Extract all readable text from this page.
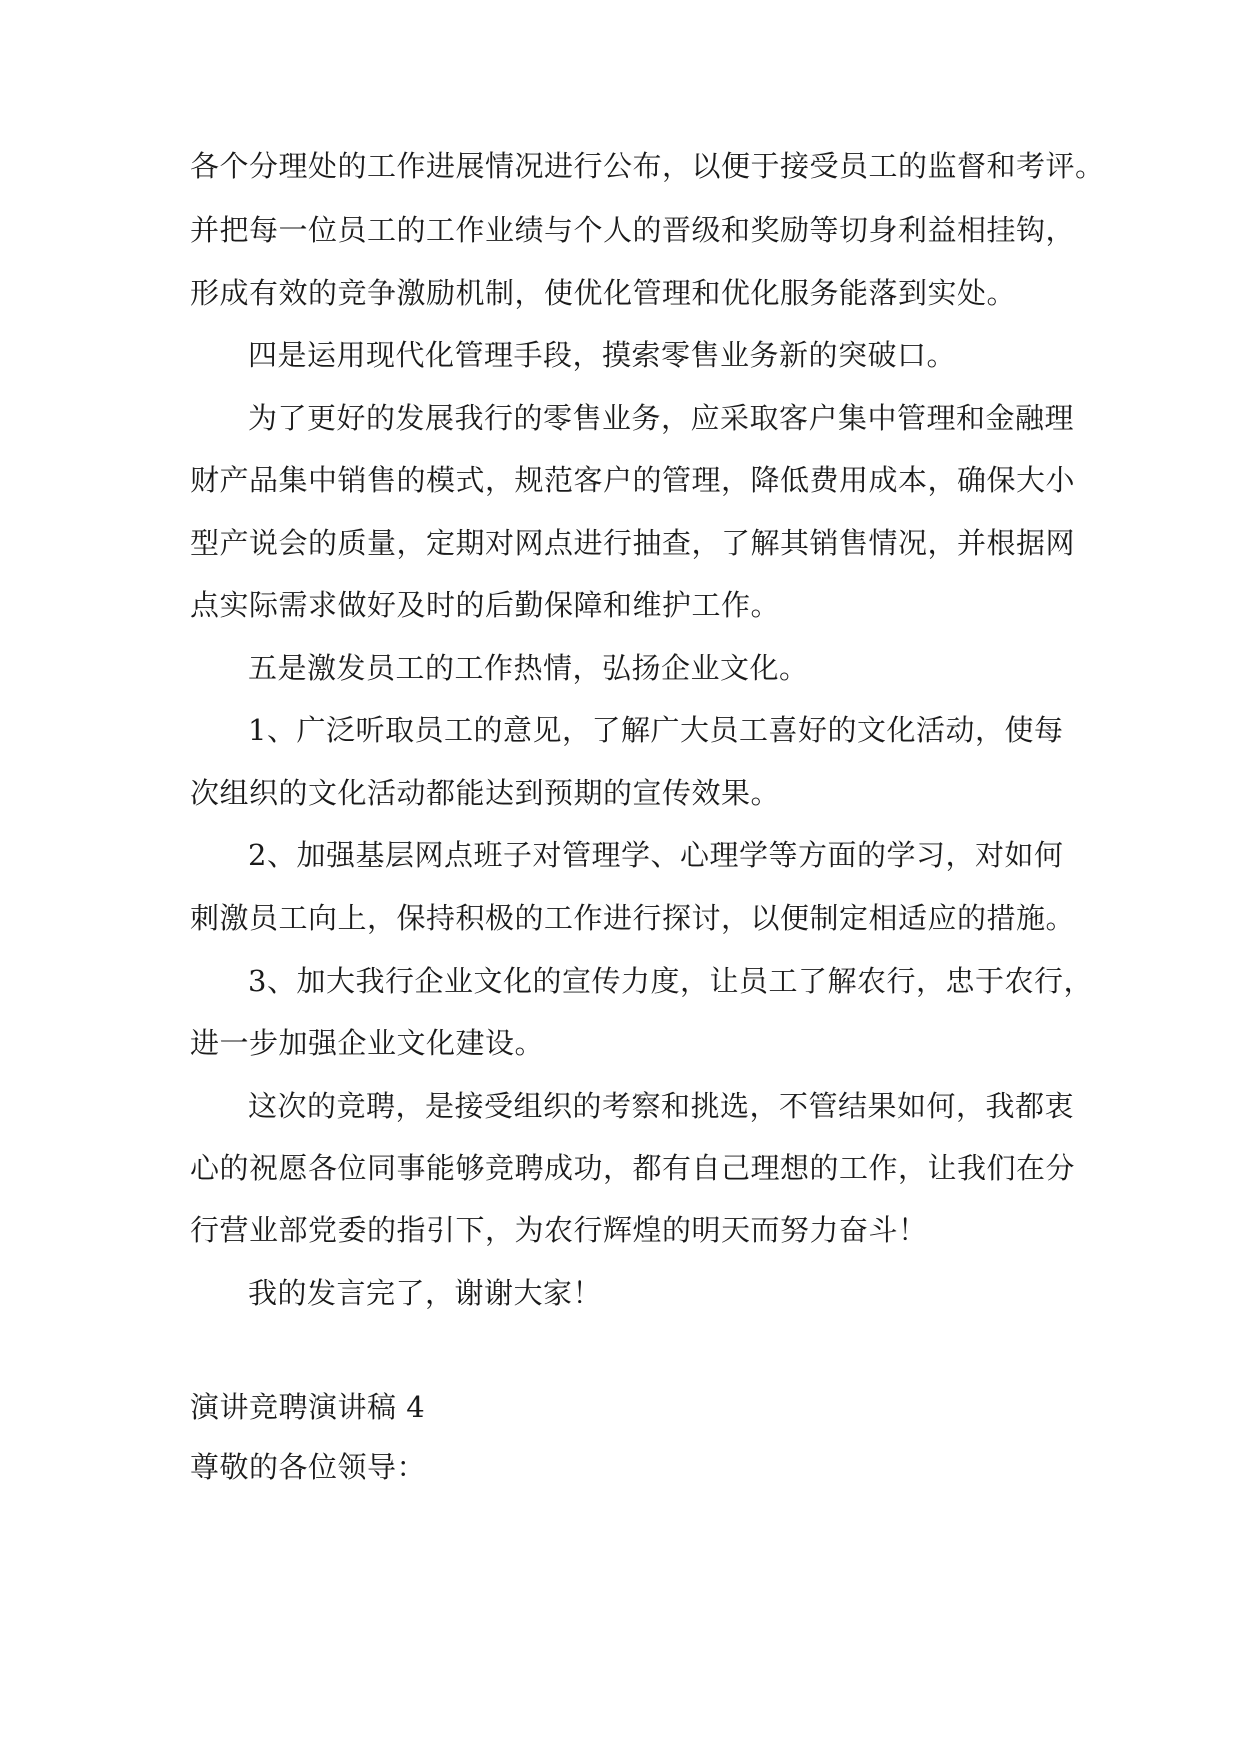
各个分理处的工作进展情况进行公布，以便于接受员工的监督和考评。
并把每一位员工的工作业绩与个人的晋级和奖励等切身利益相挂钩，
形成有效的竞争激励机制，使优化管理和优化服务能落到实处。
四是运用现代化管理手段，摸索零售业务新的突破口。
为了更好的发展我行的零售业务，应采取客户集中管理和金融理
财产品集中销售的模式，规范客户的管理，降低费用成本，确保大小
型产说会的质量，定期对网点进行抽查，了解其销售情况，并根据网
点实际需求做好及时的后勤保障和维护工作。
五是激发员工的工作热情，弘扬企业文化。
1、广泛听取员工的意见，了解广大员工喜好的文化活动，使每
次组织的文化活动都能达到预期的宣传效果。
2、加强基层网点班子对管理学、心理学等方面的学习，对如何
刺激员工向上，保持积极的工作进行探讨，以便制定相适应的措施。
3、加大我行企业文化的宣传力度，让员工了解农行，忠于农行，
进一步加强企业文化建设。
这次的竞聘，是接受组织的考察和挑选，不管结果如何，我都衷
心的祝愿各位同事能够竞聘成功，都有自己理想的工作，让我们在分
行营业部党委的指引下，为农行辉煌的明天而努力奋斗！
我的发言完了，谢谢大家！
演讲竞聘演讲稿 4
尊敬的各位领导：
